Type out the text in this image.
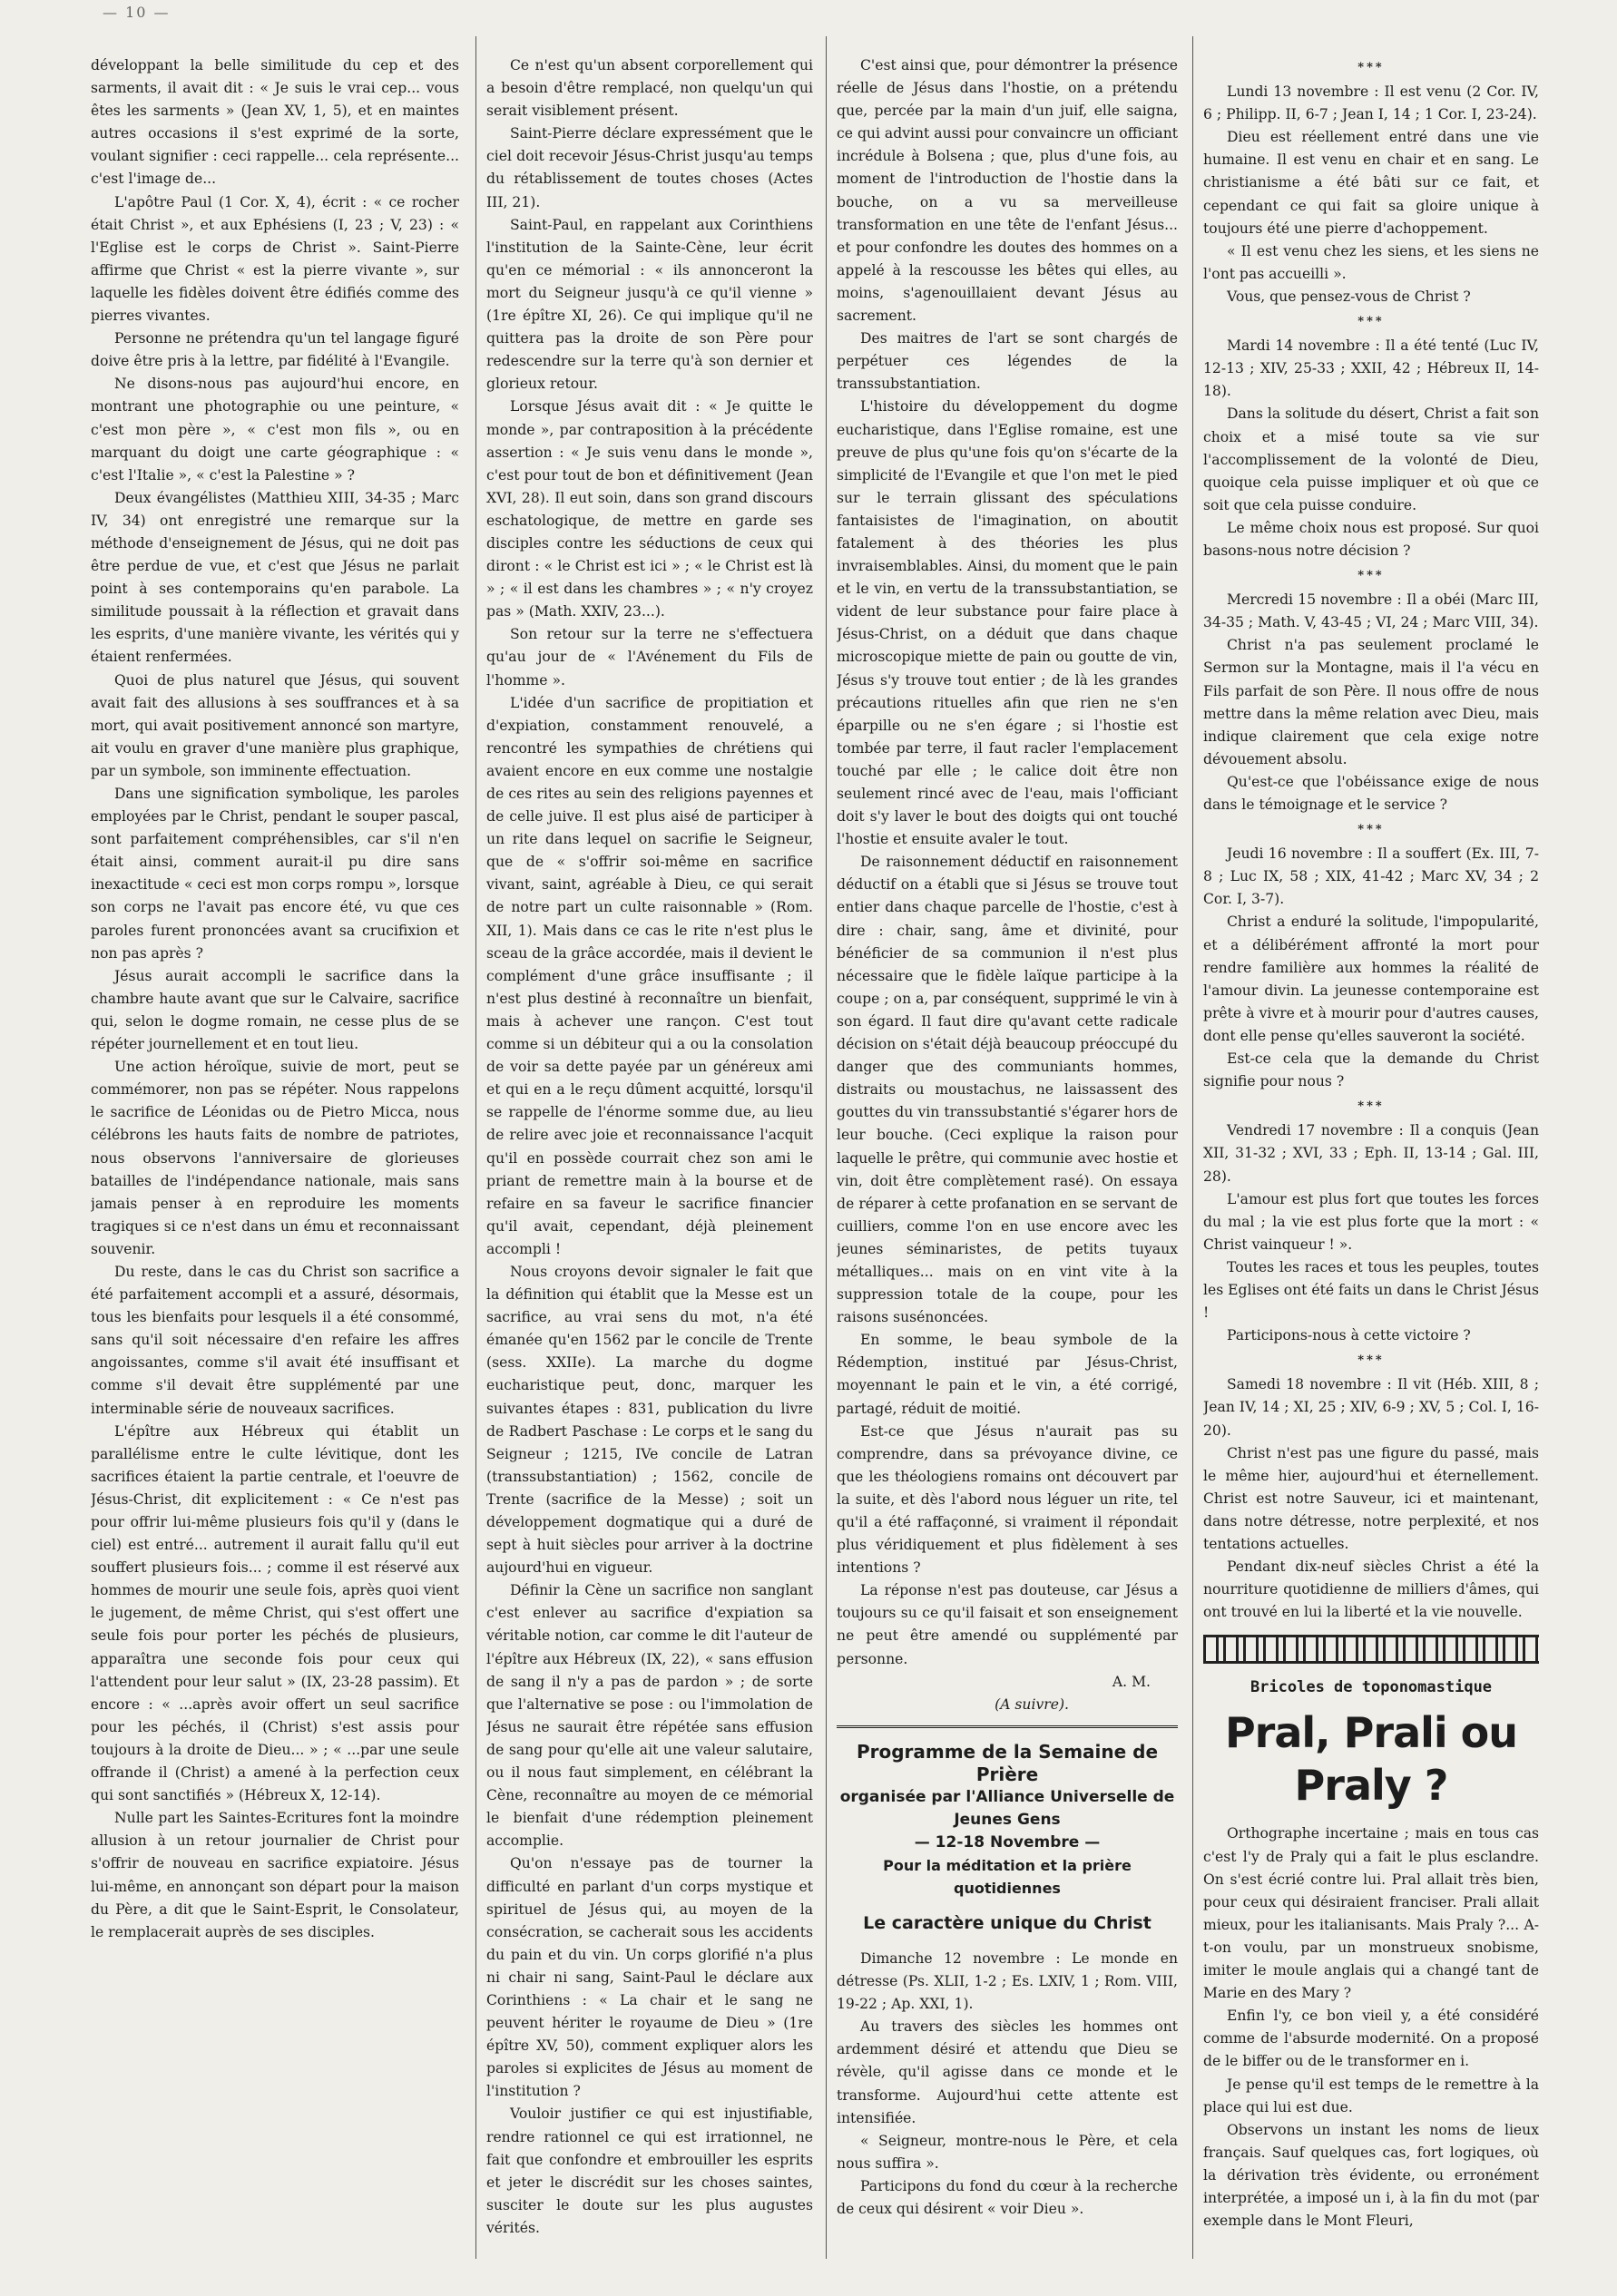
— 10 —

développant la belle similitude du cep et des sarments, il avait dit : « Je suis le vrai cep... vous êtes les sarments » (Jean XV, 1, 5), et en maintes autres occasions il s'est exprimé de la sorte, voulant signifier : ceci rappelle... cela représente... c'est l'image de...

L'apôtre Paul (1 Cor. X, 4), écrit : « ce rocher était Christ », et aux Ephésiens (I, 23 ; V, 23) : « l'Eglise est le corps de Christ ». Saint-Pierre affirme que Christ « est la pierre vivante », sur laquelle les fidèles doivent être édifiés comme des pierres vivantes.

Personne ne prétendra qu'un tel langage figuré doive être pris à la lettre, par fidélité à l'Evangile.

Ne disons-nous pas aujourd'hui encore, en montrant une photographie ou une peinture, « c'est mon père », « c'est mon fils », ou en marquant du doigt une carte géographique : « c'est l'Italie », « c'est la Palestine » ?

Deux évangélistes (Matthieu XIII, 34-35 ; Marc IV, 34) ont enregistré une remarque sur la méthode d'enseignement de Jésus, qui ne doit pas être perdue de vue, et c'est que Jésus ne parlait point à ses contemporains qu'en parabole. La similitude poussait à la réflection et gravait dans les esprits, d'une manière vivante, les vérités qui y étaient renfermées.

Quoi de plus naturel que Jésus, qui souvent avait fait des allusions à ses souffrances et à sa mort, qui avait positivement annoncé son martyre, ait voulu en graver d'une manière plus graphique, par un symbole, son imminente effectuation.

Dans une signification symbolique, les paroles employées par le Christ, pendant le souper pascal, sont parfaitement compréhensibles, car s'il n'en était ainsi, comment aurait-il pu dire sans inexactitude « ceci est mon corps rompu », lorsque son corps ne l'avait pas encore été, vu que ces paroles furent prononcées avant sa crucifixion et non pas après ?

Jésus aurait accompli le sacrifice dans la chambre haute avant que sur le Calvaire, sacrifice qui, selon le dogme romain, ne cesse plus de se répéter journellement et en tout lieu.

Une action héroïque, suivie de mort, peut se commémorer, non pas se répéter. Nous rappelons le sacrifice de Léonidas ou de Pietro Micca, nous célébrons les hauts faits de nombre de patriotes, nous observons l'anniversaire de glorieuses batailles de l'indépendance nationale, mais sans jamais penser à en reproduire les moments tragiques si ce n'est dans un ému et reconnaissant souvenir.

Du reste, dans le cas du Christ son sacrifice a été parfaitement accompli et a assuré, désormais, tous les bienfaits pour lesquels il a été consommé, sans qu'il soit nécessaire d'en refaire les affres angoissantes, comme s'il avait été insuffisant et comme s'il devait être supplémenté par une interminable série de nouveaux sacrifices.

L'épître aux Hébreux qui établit un parallélisme entre le culte lévitique, dont les sacrifices étaient la partie centrale, et l'oeuvre de Jésus-Christ, dit explicitement : « Ce n'est pas pour offrir lui-même plusieurs fois qu'il y (dans le ciel) est entré... autrement il aurait fallu qu'il eut souffert plusieurs fois... ; comme il est réservé aux hommes de mourir une seule fois, après quoi vient le jugement, de même Christ, qui s'est offert une seule fois pour porter les péchés de plusieurs, apparaîtra une seconde fois pour ceux qui l'attendent pour leur salut » (IX, 23-28 passim). Et encore : « ...après avoir offert un seul sacrifice pour les péchés, il (Christ) s'est assis pour toujours à la droite de Dieu... » ; « ...par une seule offrande il (Christ) a amené à la perfection ceux qui sont sanctifiés » (Hébreux X, 12-14).

Nulle part les Saintes-Ecritures font la moindre allusion à un retour journalier de Christ pour s'offrir de nouveau en sacrifice expiatoire. Jésus lui-même, en annonçant son départ pour la maison du Père, a dit que le Saint-Esprit, le Consolateur, le remplacerait auprès de ses disciples.

Ce n'est qu'un absent corporellement qui a besoin d'être remplacé, non quelqu'un qui serait visiblement présent.

Saint-Pierre déclare expressément que le ciel doit recevoir Jésus-Christ jusqu'au temps du rétablissement de toutes choses (Actes III, 21).

Saint-Paul, en rappelant aux Corinthiens l'institution de la Sainte-Cène, leur écrit qu'en ce mémorial : « ils annonceront la mort du Seigneur jusqu'à ce qu'il vienne » (1re épître XI, 26). Ce qui implique qu'il ne quittera pas la droite de son Père pour redescendre sur la terre qu'à son dernier et glorieux retour.

Lorsque Jésus avait dit : « Je quitte le monde », par contraposition à la précédente assertion : « Je suis venu dans le monde », c'est pour tout de bon et définitivement (Jean XVI, 28). Il eut soin, dans son grand discours eschatologique, de mettre en garde ses disciples contre les séductions de ceux qui diront : « le Christ est ici » ; « le Christ est là » ; « il est dans les chambres » ; « n'y croyez pas » (Math. XXIV, 23...).

Son retour sur la terre ne s'effectuera qu'au jour de « l'Avénement du Fils de l'homme ».

L'idée d'un sacrifice de propitiation et d'expiation, constamment renouvelé, a rencontré les sympathies de chrétiens qui avaient encore en eux comme une nostalgie de ces rites au sein des religions payennes et de celle juive. Il est plus aisé de participer à un rite dans lequel on sacrifie le Seigneur, que de « s'offrir soi-même en sacrifice vivant, saint, agréable à Dieu, ce qui serait de notre part un culte raisonnable » (Rom. XII, 1). Mais dans ce cas le rite n'est plus le sceau de la grâce accordée, mais il devient le complément d'une grâce insuffisante ; il n'est plus destiné à reconnaître un bienfait, mais à achever une rançon. C'est tout comme si un débiteur qui a ou la consolation de voir sa dette payée par un généreux ami et qui en a le reçu dûment acquitté, lorsqu'il se rappelle de l'énorme somme due, au lieu de relire avec joie et reconnaissance l'acquit qu'il en possède courrait chez son ami le priant de remettre main à la bourse et de refaire en sa faveur le sacrifice financier qu'il avait, cependant, déjà pleinement accompli !

Nous croyons devoir signaler le fait que la définition qui établit que la Messe est un sacrifice, au vrai sens du mot, n'a été émanée qu'en 1562 par le concile de Trente (sess. XXIIe). La marche du dogme eucharistique peut, donc, marquer les suivantes étapes : 831, publication du livre de Radbert Paschase : Le corps et le sang du Seigneur ; 1215, IVe concile de Latran (transsubstantiation) ; 1562, concile de Trente (sacrifice de la Messe) ; soit un développement dogmatique qui a duré de sept à huit siècles pour arriver à la doctrine aujourd'hui en vigueur.

Définir la Cène un sacrifice non sanglant c'est enlever au sacrifice d'expiation sa véritable notion, car comme le dit l'auteur de l'épître aux Hébreux (IX, 22), « sans effusion de sang il n'y a pas de pardon » ; de sorte que l'alternative se pose : ou l'immolation de Jésus ne saurait être répétée sans effusion de sang pour qu'elle ait une valeur salutaire, ou il nous faut simplement, en célébrant la Cène, reconnaître au moyen de ce mémorial le bienfait d'une rédemption pleinement accomplie.

Qu'on n'essaye pas de tourner la difficulté en parlant d'un corps mystique et spirituel de Jésus qui, au moyen de la consécration, se cacherait sous les accidents du pain et du vin. Un corps glorifié n'a plus ni chair ni sang, Saint-Paul le déclare aux Corinthiens : « La chair et le sang ne peuvent hériter le royaume de Dieu » (1re épître XV, 50), comment expliquer alors les paroles si explicites de Jésus au moment de l'institution ?

Vouloir justifier ce qui est injustifiable, rendre rationnel ce qui est irrationnel, ne fait que confondre et embrouiller les esprits et jeter le discrédit sur les choses saintes, susciter le doute sur les plus augustes vérités.

C'est ainsi que, pour démontrer la présence réelle de Jésus dans l'hostie, on a prétendu que, percée par la main d'un juif, elle saigna, ce qui advint aussi pour convaincre un officiant incrédule à Bolsena ; que, plus d'une fois, au moment de l'introduction de l'hostie dans la bouche, on a vu sa merveilleuse transformation en une tête de l'enfant Jésus... et pour confondre les doutes des hommes on a appelé à la rescousse les bêtes qui elles, au moins, s'agenouillaient devant Jésus au sacrement.

Des maitres de l'art se sont chargés de perpétuer ces légendes de la transsubstantiation.

L'histoire du développement du dogme eucharistique, dans l'Eglise romaine, est une preuve de plus qu'une fois qu'on s'écarte de la simplicité de l'Evangile et que l'on met le pied sur le terrain glissant des spéculations fantaisistes de l'imagination, on aboutit fatalement à des théories les plus invraisemblables. Ainsi, du moment que le pain et le vin, en vertu de la transsubstantiation, se vident de leur substance pour faire place à Jésus-Christ, on a déduit que dans chaque microscopique miette de pain ou goutte de vin, Jésus s'y trouve tout entier ; de là les grandes précautions rituelles afin que rien ne s'en éparpille ou ne s'en égare ; si l'hostie est tombée par terre, il faut racler l'emplacement touché par elle ; le calice doit être non seulement rincé avec de l'eau, mais l'officiant doit s'y laver le bout des doigts qui ont touché l'hostie et ensuite avaler le tout.

De raisonnement déductif en raisonnement déductif on a établi que si Jésus se trouve tout entier dans chaque parcelle de l'hostie, c'est à dire : chair, sang, âme et divinité, pour bénéficier de sa communion il n'est plus nécessaire que le fidèle laïque participe à la coupe ; on a, par conséquent, supprimé le vin à son égard. Il faut dire qu'avant cette radicale décision on s'était déjà beaucoup préoccupé du danger que des communiants hommes, distraits ou moustachus, ne laissassent des gouttes du vin transsubstantié s'égarer hors de leur bouche. (Ceci explique la raison pour laquelle le prêtre, qui communie avec hostie et vin, doit être complètement rasé). On essaya de réparer à cette profanation en se servant de cuilliers, comme l'on en use encore avec les jeunes séminaristes, de petits tuyaux métalliques... mais on en vint vite à la suppression totale de la coupe, pour les raisons susénoncées.

En somme, le beau symbole de la Rédemption, institué par Jésus-Christ, moyennant le pain et le vin, a été corrigé, partagé, réduit de moitié.

Est-ce que Jésus n'aurait pas su comprendre, dans sa prévoyance divine, ce que les théologiens romains ont découvert par la suite, et dès l'abord nous léguer un rite, tel qu'il a été raffaçonné, si vraiment il répondait plus véridiquement et plus fidèlement à ses intentions ?

La réponse n'est pas douteuse, car Jésus a toujours su ce qu'il faisait et son enseignement ne peut être amendé ou supplémenté par personne.

A. M.
(A suivre).
Programme de la Semaine de Prière
organisée par l'Alliance Universelle de Jeunes Gens
— 12-18 Novembre —
Pour la méditation et la prière quotidiennes
Le caractère unique du Christ

Dimanche 12 novembre : Le monde en détresse (Ps. XLII, 1-2 ; Es. LXIV, 1 ; Rom. VIII, 19-22 ; Ap. XXI, 1).

Au travers des siècles les hommes ont ardemment désiré et attendu que Dieu se révèle, qu'il agisse dans ce monde et le transforme. Aujourd'hui cette attente est intensifiée.

« Seigneur, montre-nous le Père, et cela nous suffira ».

Participons du fond du cœur à la recherche de ceux qui désirent « voir Dieu ».

***

Lundi 13 novembre : Il est venu (2 Cor. IV, 6 ; Philipp. II, 6-7 ; Jean I, 14 ; 1 Cor. I, 23-24).

Dieu est réellement entré dans une vie humaine. Il est venu en chair et en sang. Le christianisme a été bâti sur ce fait, et cependant ce qui fait sa gloire unique à toujours été une pierre d'achoppement.

« Il est venu chez les siens, et les siens ne l'ont pas accueilli ».

Vous, que pensez-vous de Christ ?

***

Mardi 14 novembre : Il a été tenté (Luc IV, 12-13 ; XIV, 25-33 ; XXII, 42 ; Hébreux II, 14-18).

Dans la solitude du désert, Christ a fait son choix et a misé toute sa vie sur l'accomplissement de la volonté de Dieu, quoique cela puisse impliquer et où que ce soit que cela puisse conduire.

Le même choix nous est proposé. Sur quoi basons-nous notre décision ?

***

Mercredi 15 novembre : Il a obéi (Marc III, 34-35 ; Math. V, 43-45 ; VI, 24 ; Marc VIII, 34).

Christ n'a pas seulement proclamé le Sermon sur la Montagne, mais il l'a vécu en Fils parfait de son Père. Il nous offre de nous mettre dans la même relation avec Dieu, mais indique clairement que cela exige notre dévouement absolu.

Qu'est-ce que l'obéissance exige de nous dans le témoignage et le service ?

***

Jeudi 16 novembre : Il a souffert (Ex. III, 7-8 ; Luc IX, 58 ; XIX, 41-42 ; Marc XV, 34 ; 2 Cor. I, 3-7).

Christ a enduré la solitude, l'impopularité, et a délibérément affronté la mort pour rendre familière aux hommes la réalité de l'amour divin. La jeunesse contemporaine est prête à vivre et à mourir pour d'autres causes, dont elle pense qu'elles sauveront la société.

Est-ce cela que la demande du Christ signifie pour nous ?

***

Vendredi 17 novembre : Il a conquis (Jean XII, 31-32 ; XVI, 33 ; Eph. II, 13-14 ; Gal. III, 28).

L'amour est plus fort que toutes les forces du mal ; la vie est plus forte que la mort : « Christ vainqueur ! ».

Toutes les races et tous les peuples, toutes les Eglises ont été faits un dans le Christ Jésus !

Participons-nous à cette victoire ?

***

Samedi 18 novembre : Il vit (Héb. XIII, 8 ; Jean IV, 14 ; XI, 25 ; XIV, 6-9 ; XV, 5 ; Col. I, 16-20).

Christ n'est pas une figure du passé, mais le même hier, aujourd'hui et éternellement. Christ est notre Sauveur, ici et maintenant, dans notre détresse, notre perplexité, et nos tentations actuelles.

Pendant dix-neuf siècles Christ a été la nourriture quotidienne de milliers d'âmes, qui ont trouvé en lui la liberté et la vie nouvelle.

Bricoles de toponomastique
Pral, Prali ou Praly ?

Orthographe incertaine ; mais en tous cas c'est l'y de Praly qui a fait le plus esclandre. On s'est écrié contre lui. Pral allait très bien, pour ceux qui désiraient franciser. Prali allait mieux, pour les italianisants. Mais Praly ?... A-t-on voulu, par un monstrueux snobisme, imiter le moule anglais qui a changé tant de Marie en des Mary ?

Enfin l'y, ce bon vieil y, a été considéré comme de l'absurde modernité. On a proposé de le biffer ou de le transformer en i.

Je pense qu'il est temps de le remettre à la place qui lui est due.

Observons un instant les noms de lieux français. Sauf quelques cas, fort logiques, où la dérivation très évidente, ou erronément interprétée, a imposé un i, à la fin du mot (par exemple dans le Mont Fleuri,
